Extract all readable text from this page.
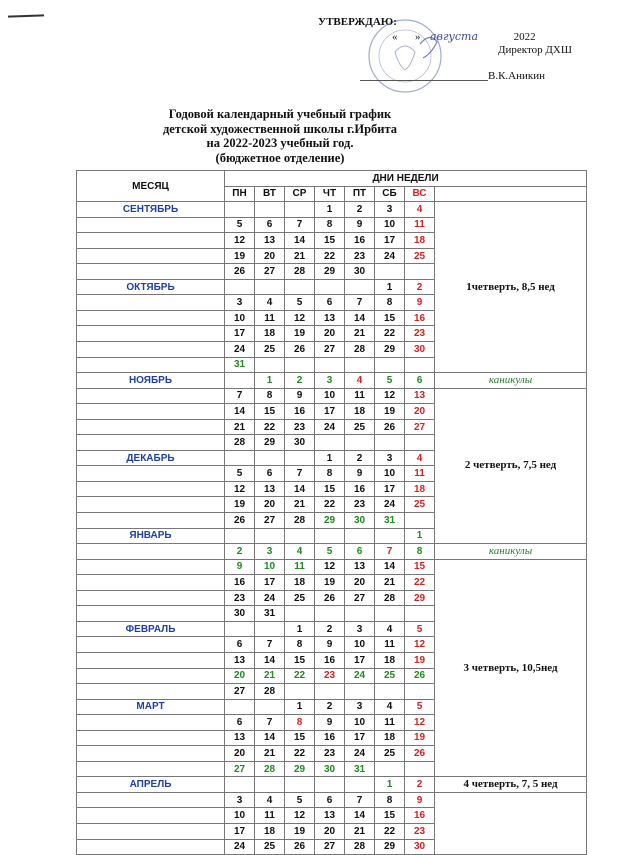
УТВЕРЖДАЮ:
« » августа	2022
Директор ДХШ
В.К.Аникин
Годовой календарный учебный график
детской художественной школы г.Ирбита
на 2022-2023 учебный год.
(бюджетное отделение)
МЕСЯЦ	ДНИ НЕДЕЛИ							
	ПН	ВТ	СР	ЧТ	ПТ	СБ	ВС	
СЕНТЯБРЬ				1	2	3	4	1четверть, 8,5 нед
	5	6	7	8	9	10	11	
	12	13	14	15	16	17	18	
	19	20	21	22	23	24	25	
	26	27	28	29	30			
ОКТЯБРЬ						1	2	
	3	4	5	6	7	8	9	
	10	11	12	13	14	15	16	
	17	18	19	20	21	22	23	
	24	25	26	27	28	29	30	
	31							
НОЯБРЬ		1	2	3	4	5	6	каникулы
	7	8	9	10	11	12	13	2 четверть, 7,5 нед
	14	15	16	17	18	19	20	
	21	22	23	24	25	26	27	
	28	29	30					
ДЕКАБРЬ				1	2	3	4	
	5	6	7	8	9	10	11	
	12	13	14	15	16	17	18	
	19	20	21	22	23	24	25	
	26	27	28	29	30	31		
ЯНВАРЬ							1	
	2	3	4	5	6	7	8	каникулы
	9	10	11	12	13	14	15	3 четверть, 10,5нед
	16	17	18	19	20	21	22	
	23	24	25	26	27	28	29	
	30	31						
ФЕВРАЛЬ			1	2	3	4	5	
	6	7	8	9	10	11	12	
	13	14	15	16	17	18	19	
	20	21	22	23	24	25	26	
	27	28						
МАРТ			1	2	3	4	5	
	6	7	8	9	10	11	12	
	13	14	15	16	17	18	19	
	20	21	22	23	24	25	26	
	27	28	29	30	31			
АПРЕЛЬ						1	2	4 четверть, 7, 5 нед
	3	4	5	6	7	8	9	
	10	11	12	13	14	15	16	
	17	18	19	20	21	22	23	
	24	25	26	27	28	29	30	
